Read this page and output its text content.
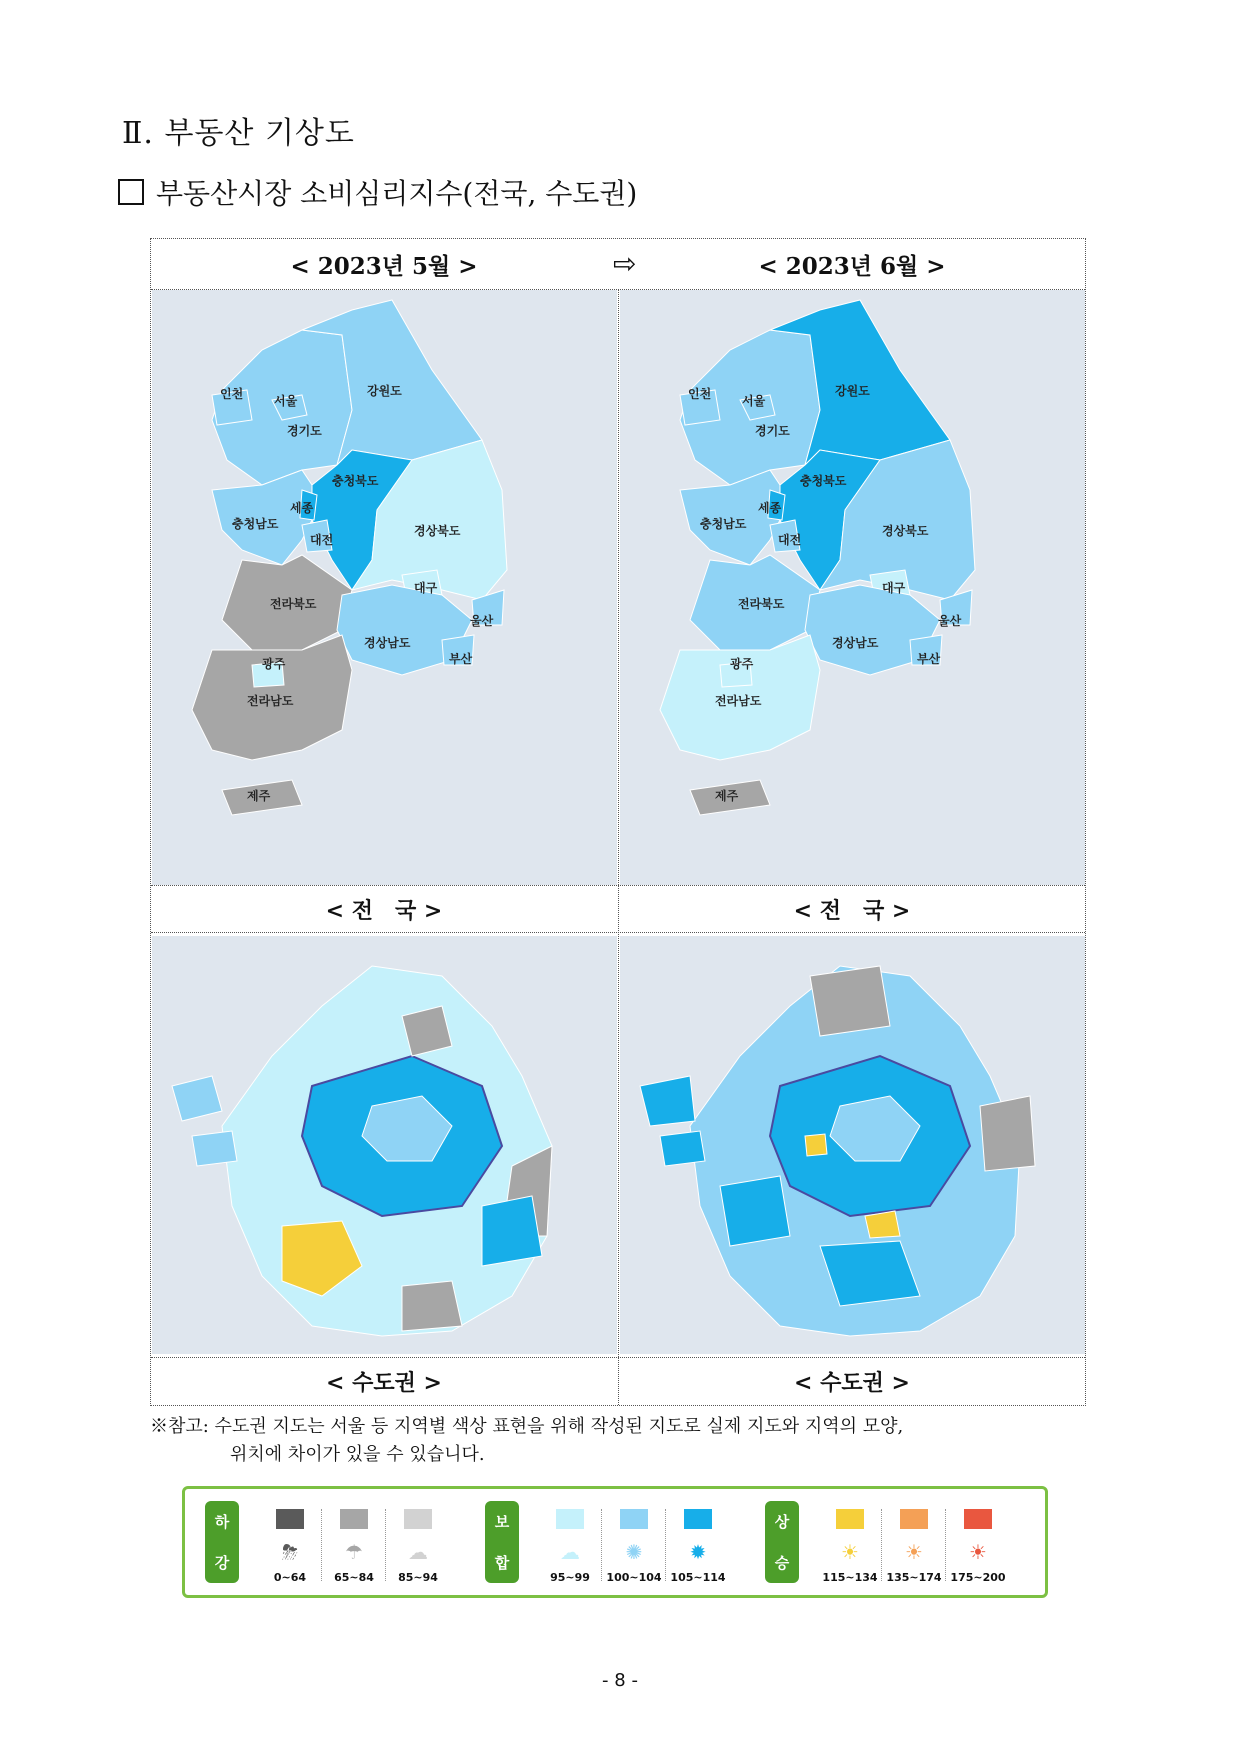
Ⅱ. 부동산 기상도
부동산시장 소비심리지수(전국, 수도권)
< 2023년 5월 >	⇨	< 2023년 6월 >
인천	서울
강원도
경기도
충청북도
세종
충청남도
대전
경상북도
대구
전라북도
울산
경상남도
광주	부산
전라남도
제주
인천	서울
강원도
경기도
충청북도
세종
충청남도
대전
경상북도
대구
전라북도
울산
경상남도
광주	부산
전라남도
제주
< 전　국 >	< 전　국 >
< 수도권 >	< 수도권 >
※참고: 수도권 지도는 서울 등 지역별 색상 표현을 위해 작성된 지도로 실제 지도와 지역의 모양,
위치에 차이가 있을 수 있습니다.
하
강	⛈
0~64
☂
65~84
☁
85~94
보
합	☁
95~99
✺
100~104
✹
105~114
상
승	☀
115~134
☀
135~174
☀
175~200
- 8 -
